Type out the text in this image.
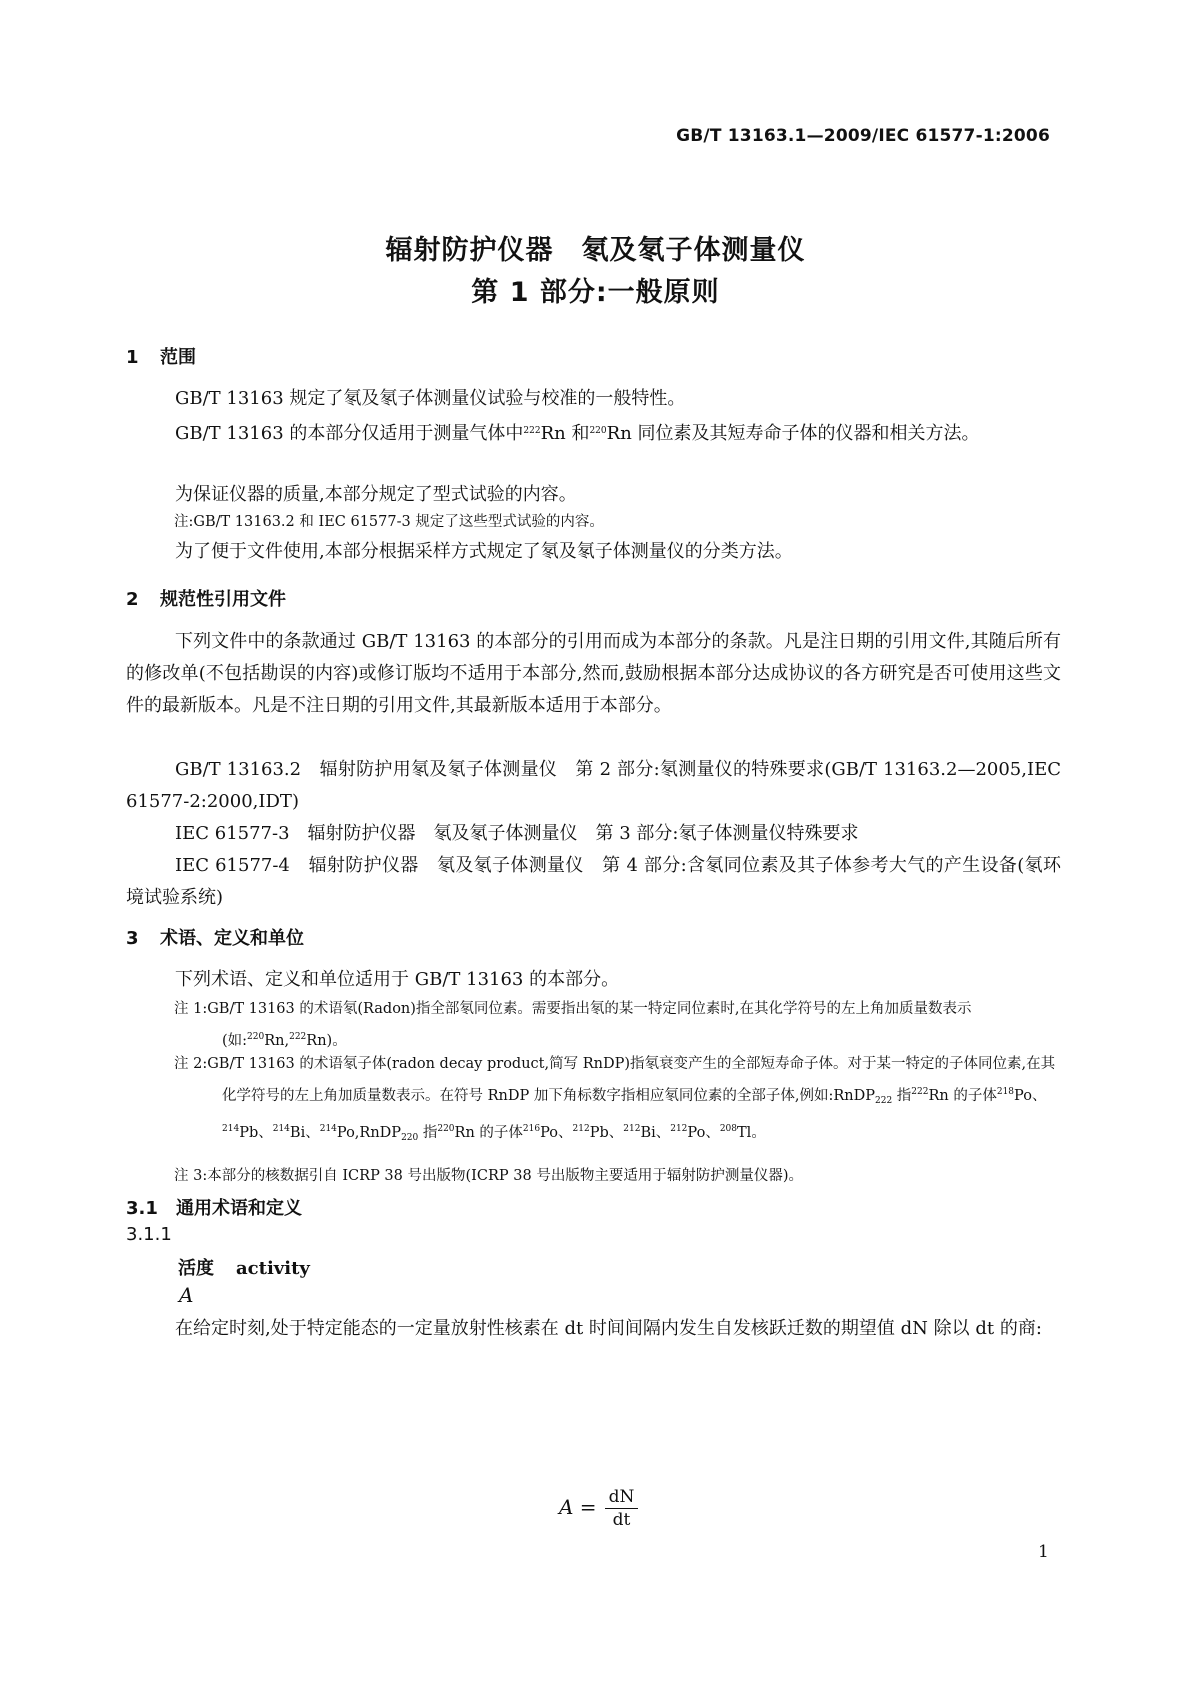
GB/T 13163.1—2009/IEC 61577-1:2006
辐射防护仪器　氡及氡子体测量仪
第 1 部分:一般原则
1 范围
GB/T 13163 规定了氡及氡子体测量仪试验与校准的一般特性。
GB/T 13163 的本部分仅适用于测量气体中$^{222}$Rn 和$^{220}$Rn 同位素及其短寿命子体的仪器和相关方法。
为保证仪器的质量,本部分规定了型式试验的内容。
注:GB/T 13163.2 和 IEC 61577-3 规定了这些型式试验的内容。
为了便于文件使用,本部分根据采样方式规定了氡及氡子体测量仪的分类方法。
2 规范性引用文件
下列文件中的条款通过 GB/T 13163 的本部分的引用而成为本部分的条款。凡是注日期的引用文件,其随后所有的修改单(不包括勘误的内容)或修订版均不适用于本部分,然而,鼓励根据本部分达成协议的各方研究是否可使用这些文件的最新版本。凡是不注日期的引用文件,其最新版本适用于本部分。
GB/T 13163.2　辐射防护用氡及氡子体测量仪　第 2 部分:氡测量仪的特殊要求(GB/T 13163.2—2005,IEC 61577-2:2000,IDT)
IEC 61577-3　辐射防护仪器　氡及氡子体测量仪　第 3 部分:氡子体测量仪特殊要求
IEC 61577-4　辐射防护仪器　氡及氡子体测量仪　第 4 部分:含氡同位素及其子体参考大气的产生设备(氡环境试验系统)
3 术语、定义和单位
下列术语、定义和单位适用于 GB/T 13163 的本部分。
注 1:GB/T 13163 的术语氡(Radon)指全部氡同位素。需要指出氡的某一特定同位素时,在其化学符号的左上角加质量数表示(如:$^{220}$Rn,$^{222}$Rn)。
注 2:GB/T 13163 的术语氡子体(radon decay product,简写 RnDP)指氡衰变产生的全部短寿命子体。对于某一特定的子体同位素,在其化学符号的左上角加质量数表示。在符号 RnDP 加下角标数字指相应氡同位素的全部子体,例如:RnDP$_{222}$ 指$^{222}$Rn 的子体$^{218}$Po、$^{214}$Pb、$^{214}$Bi、$^{214}$Po,RnDP$_{220}$ 指$^{220}$Rn 的子体$^{216}$Po、$^{212}$Pb、$^{212}$Bi、$^{212}$Po、$^{208}$Tl。
注 3:本部分的核数据引自 ICRP 38 号出版物(ICRP 38 号出版物主要适用于辐射防护测量仪器)。
3.1 通用术语和定义
3.1.1
活度 activity
A
在给定时刻,处于特定能态的一定量放射性核素在 dt 时间间隔内发生自发核跃迁数的期望值 dN 除以 dt 的商:
$A = \frac{dN}{dt}$
1
